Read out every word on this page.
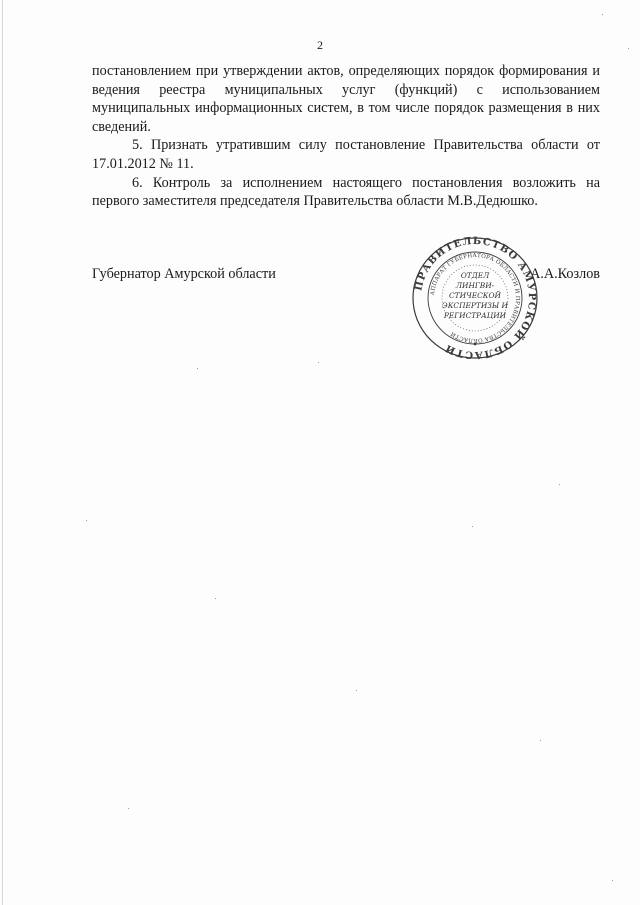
2

постановлением при утверждении актов, определяющих порядок формирования и ведения реестра муниципальных услуг (функций) с использованием муниципальных информационных систем, в том числе порядок размещения в них сведений.

5. Признать утратившим силу постановление Правительства области от 17.01.2012 № 11.

6. Контроль за исполнением настоящего постановления возложить на первого заместителя председателя Правительства области М.В.Дедюшко.

Губернатор Амурской области	А.А.Козлов
ПРАВИТЕЛЬСТВО АМУРСКОЙ ОБЛАСТИ
АППАРАТ ГУБЕРНАТОРА ОБЛАСТИ И ПРАВИТЕЛЬСТВА ОБЛАСТИ
ОТДЕЛ
ЛИНГВИ-
СТИЧЕСКОЙ
ЭКСПЕРТИЗЫ И
РЕГИСТРАЦИИ
